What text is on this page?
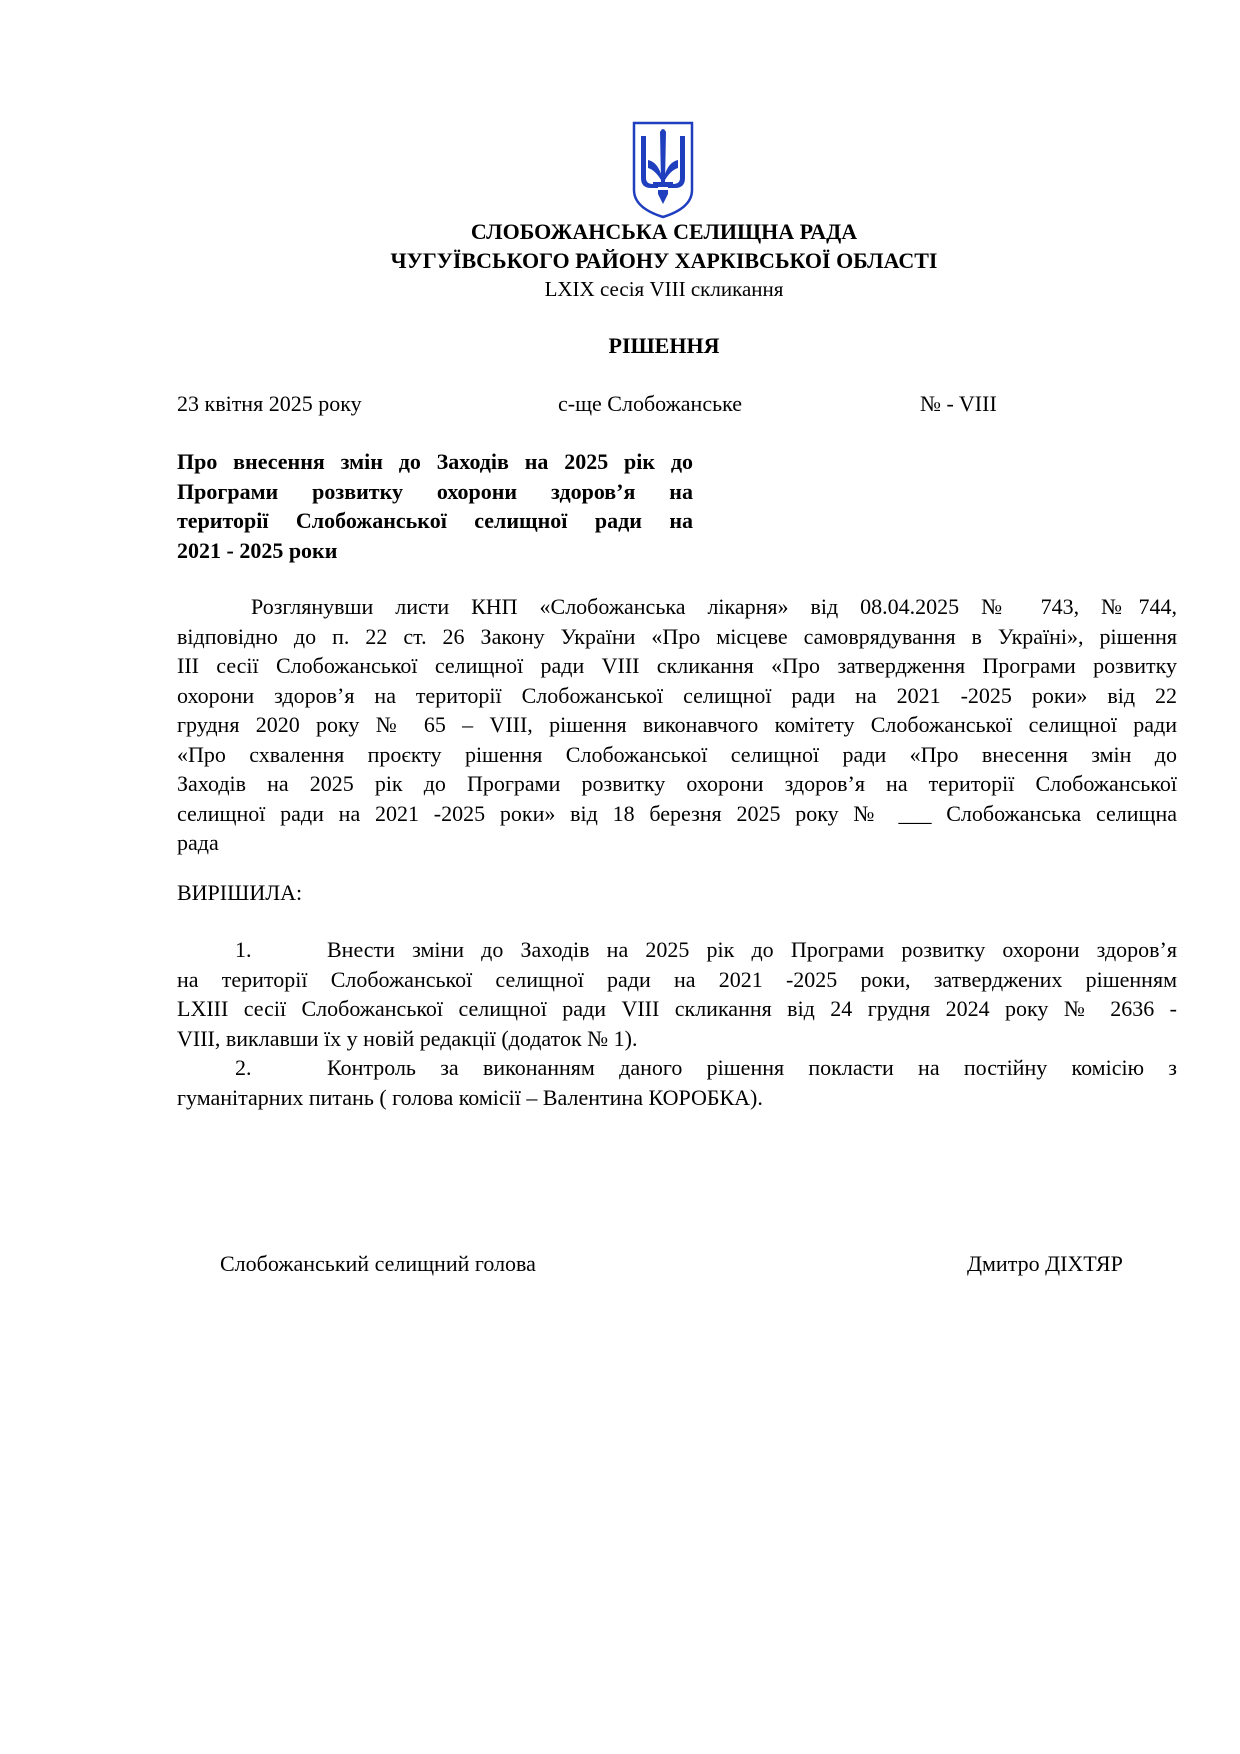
СЛОБОЖАНСЬКА СЕЛИЩНА РАДА
ЧУГУЇВСЬКОГО РАЙОНУ ХАРКІВСЬКОЇ ОБЛАСТІ
LXIX сесія VIII скликання
РІШЕННЯ
23 квітня 2025 року	с-ще Слобожанське	№ - VIII
Про внесення змін до Заходів на 2025 рік до
Програми розвитку охорони здоров’я на
території Слобожанської селищної ради на
2021 - 2025 роки
Розглянувши листи КНП «Слобожанська лікарня» від 08.04.2025 № 743, №744,
відповідно до п. 22 ст. 26 Закону України «Про місцеве самоврядування в Україні», рішення
ІІІ сесії Слобожанської селищної ради VIII скликання «Про затвердження Програми розвитку
охорони здоров’я на території Слобожанської селищної ради на 2021 -2025 роки» від 22
грудня 2020 року № 65 – VIII, рішення виконавчого комітету Слобожанської селищної ради
«Про схвалення проєкту рішення Слобожанської селищної ради «Про внесення змін до
Заходів на 2025 рік до Програми розвитку охорони здоров’я на території Слобожанської
селищної ради на 2021 -2025 роки» від 18 березня 2025 року № ___ Слобожанська селищна
рада
ВИРІШИЛА:
1.	Внести зміни до Заходів на 2025 рік до Програми розвитку охорони здоров’я
на території Слобожанської селищної ради на 2021 -2025 роки, затверджених рішенням
LXIII сесії Слобожанської селищної ради VIII скликання від 24 грудня 2024 року № 2636 -
VIII, виклавши їх у новій редакції (додаток № 1).
2.	Контроль за виконанням даного рішення покласти на постійну комісію з
гуманітарних питань ( голова комісії – Валентина КОРОБКА).
Слобожанський селищний голова	Дмитро ДІХТЯР
